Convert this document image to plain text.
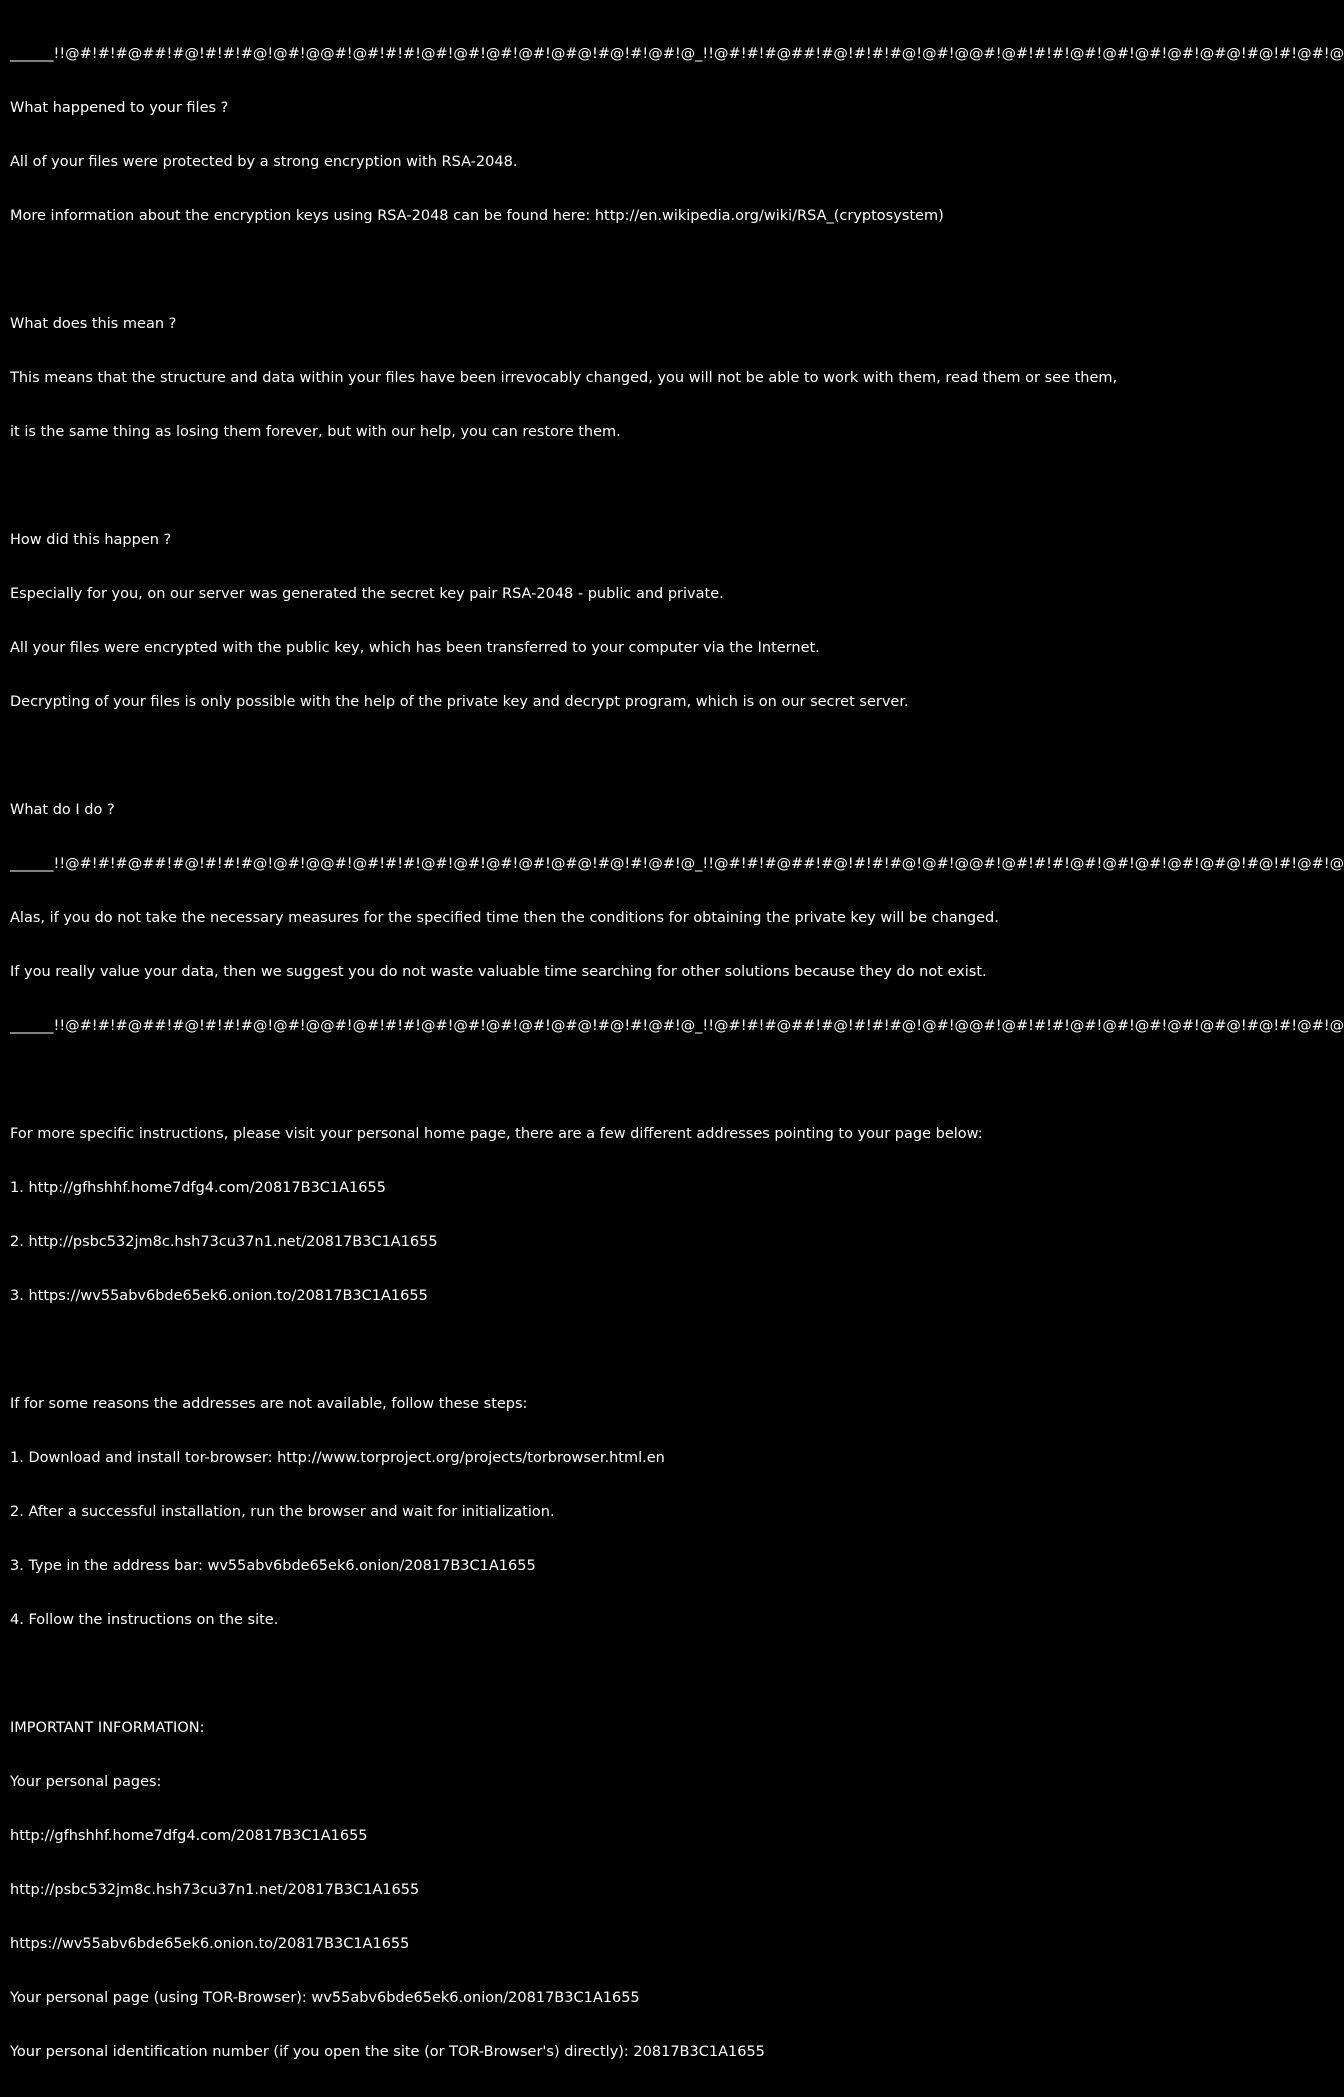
______!!@#!#!#@##!#@!#!#!#@!@#!@@#!@#!#!#!@#!@#!@#!@#!@#@!#@!#!@#!@_!!@#!#!#@##!#@!#!#!#@!@#!@@#!@#!#!#!@#!@#!@#!@#!@#@!#@!#!@#!@

What happened to your files ?

All of your files were protected by a strong encryption with RSA-2048.

More information about the encryption keys using RSA-2048 can be found here: http://en.wikipedia.org/wiki/RSA_(cryptosystem)

What does this mean ?

This means that the structure and data within your files have been irrevocably changed, you will not be able to work with them, read them or see them,

it is the same thing as losing them forever, but with our help, you can restore them.

How did this happen ?

Especially for you, on our server was generated the secret key pair RSA-2048 - public and private.

All your files were encrypted with the public key, which has been transferred to your computer via the Internet.

Decrypting of your files is only possible with the help of the private key and decrypt program, which is on our secret server.

What do I do ?

______!!@#!#!#@##!#@!#!#!#@!@#!@@#!@#!#!#!@#!@#!@#!@#!@#@!#@!#!@#!@_!!@#!#!#@##!#@!#!#!#@!@#!@@#!@#!#!#!@#!@#!@#!@#!@#@!#@!#!@#!@

Alas, if you do not take the necessary measures for the specified time then the conditions for obtaining the private key will be changed.

If you really value your data, then we suggest you do not waste valuable time searching for other solutions because they do not exist.

______!!@#!#!#@##!#@!#!#!#@!@#!@@#!@#!#!#!@#!@#!@#!@#!@#@!#@!#!@#!@_!!@#!#!#@##!#@!#!#!#@!@#!@@#!@#!#!#!@#!@#!@#!@#!@#@!#@!#!@#!@

For more specific instructions, please visit your personal home page, there are a few different addresses pointing to your page below:

1. http://gfhshhf.home7dfg4.com/20817B3C1A1655

2. http://psbc532jm8c.hsh73cu37n1.net/20817B3C1A1655

3. https://wv55abv6bde65ek6.onion.to/20817B3C1A1655

If for some reasons the addresses are not available, follow these steps:

1. Download and install tor-browser: http://www.torproject.org/projects/torbrowser.html.en

2. After a successful installation, run the browser and wait for initialization.

3. Type in the address bar: wv55abv6bde65ek6.onion/20817B3C1A1655

4. Follow the instructions on the site.

IMPORTANT INFORMATION:

Your personal pages:

http://gfhshhf.home7dfg4.com/20817B3C1A1655

http://psbc532jm8c.hsh73cu37n1.net/20817B3C1A1655

https://wv55abv6bde65ek6.onion.to/20817B3C1A1655

Your personal page (using TOR-Browser): wv55abv6bde65ek6.onion/20817B3C1A1655

Your personal identification number (if you open the site (or TOR-Browser's) directly): 20817B3C1A1655
